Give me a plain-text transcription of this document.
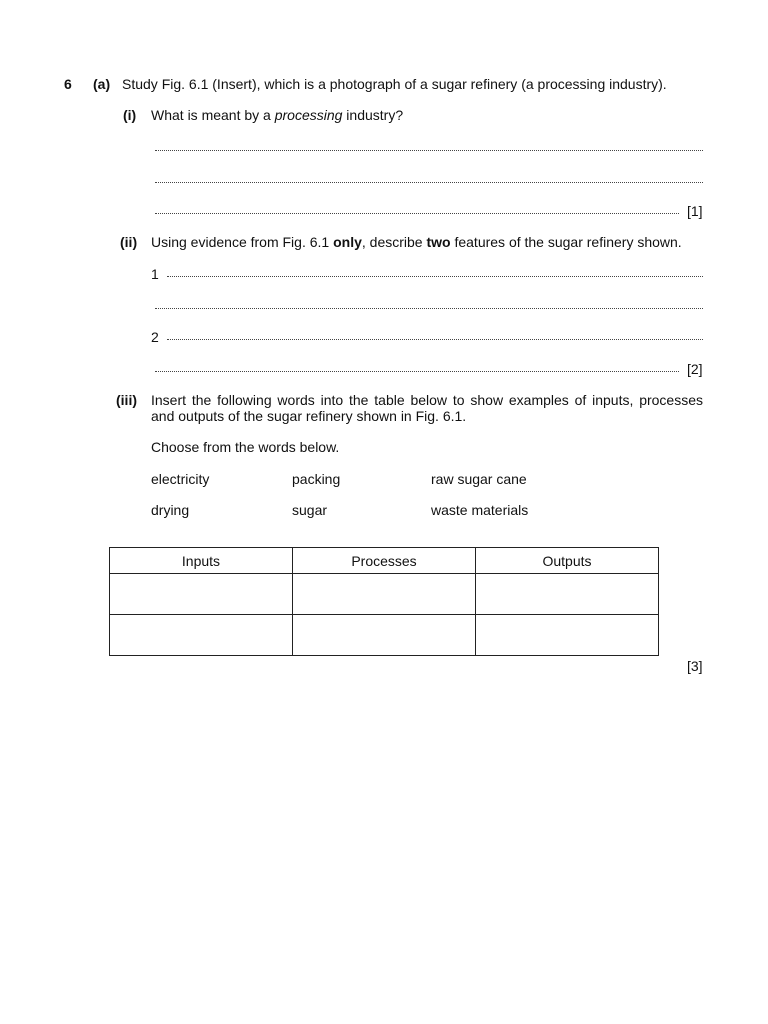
6 (a) Study Fig. 6.1 (Insert), which is a photograph of a sugar refinery (a processing industry).
(i) What is meant by a processing industry?
[1]
(ii) Using evidence from Fig. 6.1 only, describe two features of the sugar refinery shown.
1
2
[2]
(iii) Insert the following words into the table below to show examples of inputs, processes and outputs of the sugar refinery shown in Fig. 6.1.
Choose from the words below.
electricity	packing	raw sugar cane
drying	sugar	waste materials
Inputs	Processes	Outputs

[3]
